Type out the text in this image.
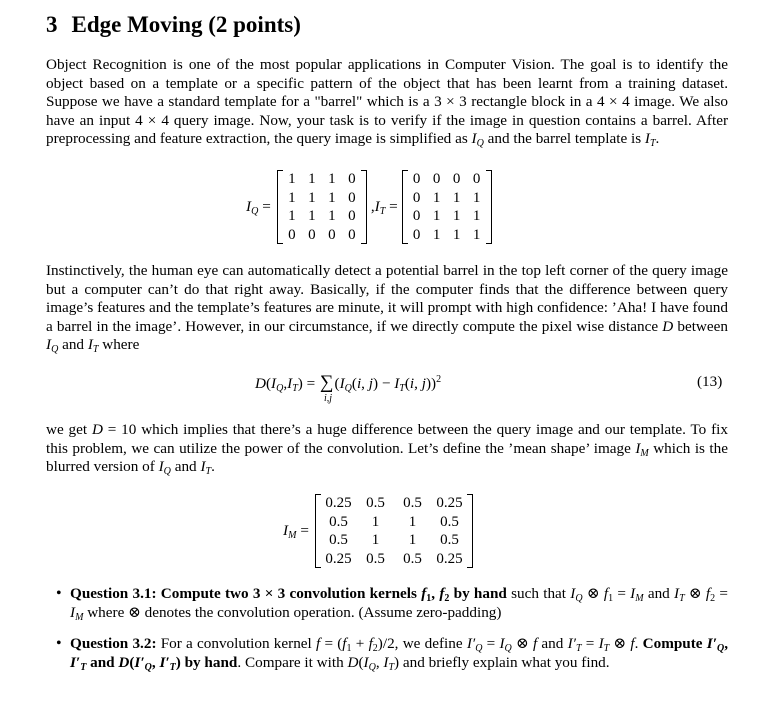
3 Edge Moving (2 points)

Object Recognition is one of the most popular applications in Computer Vision. The goal is to identify the object based on a template or a specific pattern of the object that has been learnt from a training dataset. Suppose we have a standard template for a "barrel" which is a 3 × 3 rectangle block in a 4 × 4 image. We also have an input 4 × 4 query image. Now, your task is to verify if the image in question contains a barrel. After preprocessing and feature extraction, the query image is simplified as $I_Q$ and the barrel template is $I_T$.

$I_Q$ =
1	1	1	0
1	1	1	0
1	1	1	0
0	0	0	0
$,I_T$ =
0	0	0	0
0	1	1	1
0	1	1	1
0	1	1	1

Instinctively, the human eye can automatically detect a potential barrel in the top left corner of the query image but a computer can’t do that right away. Basically, if the computer finds that the difference between query image’s features and the template’s features are minute, it will prompt with high confidence: ’Aha! I have found a barrel in the image’. However, in our circumstance, if we directly compute the pixel wise distance D between $I_Q$ and $I_T$ where

$D(I_Q,I_T)$ = ∑
i,j
($I_Q(i$, $j) - I_T(i$, j))$^2$	(13)

we get D = 10 which implies that there’s a huge difference between the query image and our template. To fix this problem, we can utilize the power of the convolution. Let’s define the ’mean shape’ image $I_M$ which is the blurred version of $I_Q$ and $I_T$.

$I_M$ =
0.25	0.5	0.5	0.25
0.5	1	1	0.5
0.5	1	1	0.5
0.25	0.5	0.5	0.25
• Question 3.1: Compute two 3 × 3 convolution kernels $f_1$, $f_2$ by hand such that $I_Q$ ⊗ $f_1 = I_M$ and $I_T$ ⊗ $f_2 = I_M$ where ⊗ denotes the convolution operation. (Assume zero-padding)
• Question 3.2: For a convolution kernel $f = (f_1 + f_2)/2$, we define $I'_Q = I_Q$ ⊗ f and $I'_T = I_T$ ⊗ f. Compute $I'_Q$, $I'_T$ and $D(I'_Q$, $I'_T$) by hand. Compare it with $D(I_Q$, $I_T$) and briefly explain what you find.
